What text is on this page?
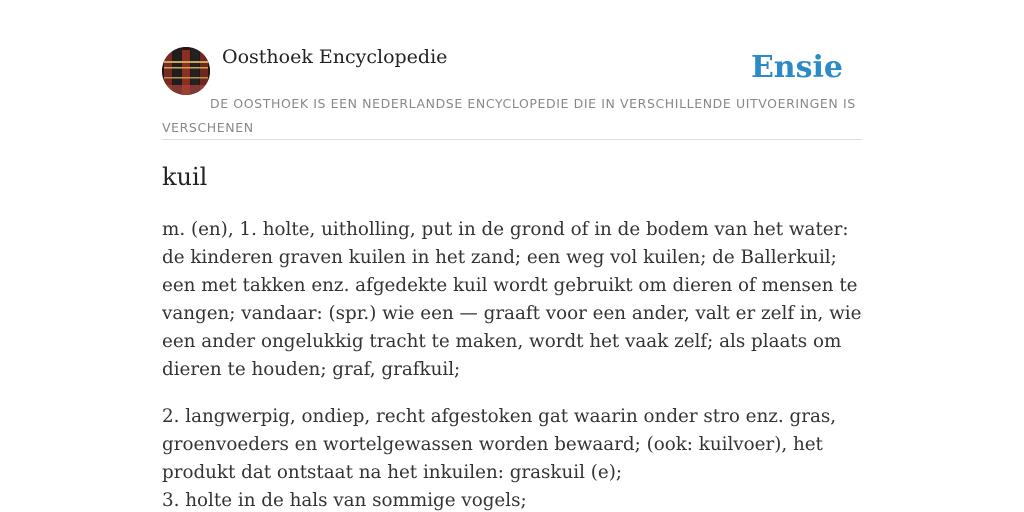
Oosthoek Encyclopedie	Ensie
DE OOSTHOEK IS EEN NEDERLANDSE ENCYCLOPEDIE DIE IN VERSCHILLENDE UITVOERINGEN IS VERSCHENEN
kuil

m. (en), 1. holte, uitholling, put in de grond of in de bodem van het water: de kinderen graven kuilen in het zand; een weg vol kuilen; de Ballerkuil; een met takken enz. afgedekte kuil wordt gebruikt om dieren of mensen te vangen; vandaar: (spr.) wie een — graaft voor een ander, valt er zelf in, wie een ander ongelukkig tracht te maken, wordt het vaak zelf; als plaats om dieren te houden; graf, grafkuil;

2. langwerpig, ondiep, recht afgestoken gat waarin onder stro enz. gras, groenvoeders en wortelgewassen worden bewaard; (ook: kuilvoer), het produkt dat ontstaat na het inkuilen: graskuil (e);

3. holte in de hals van sommige vogels;
